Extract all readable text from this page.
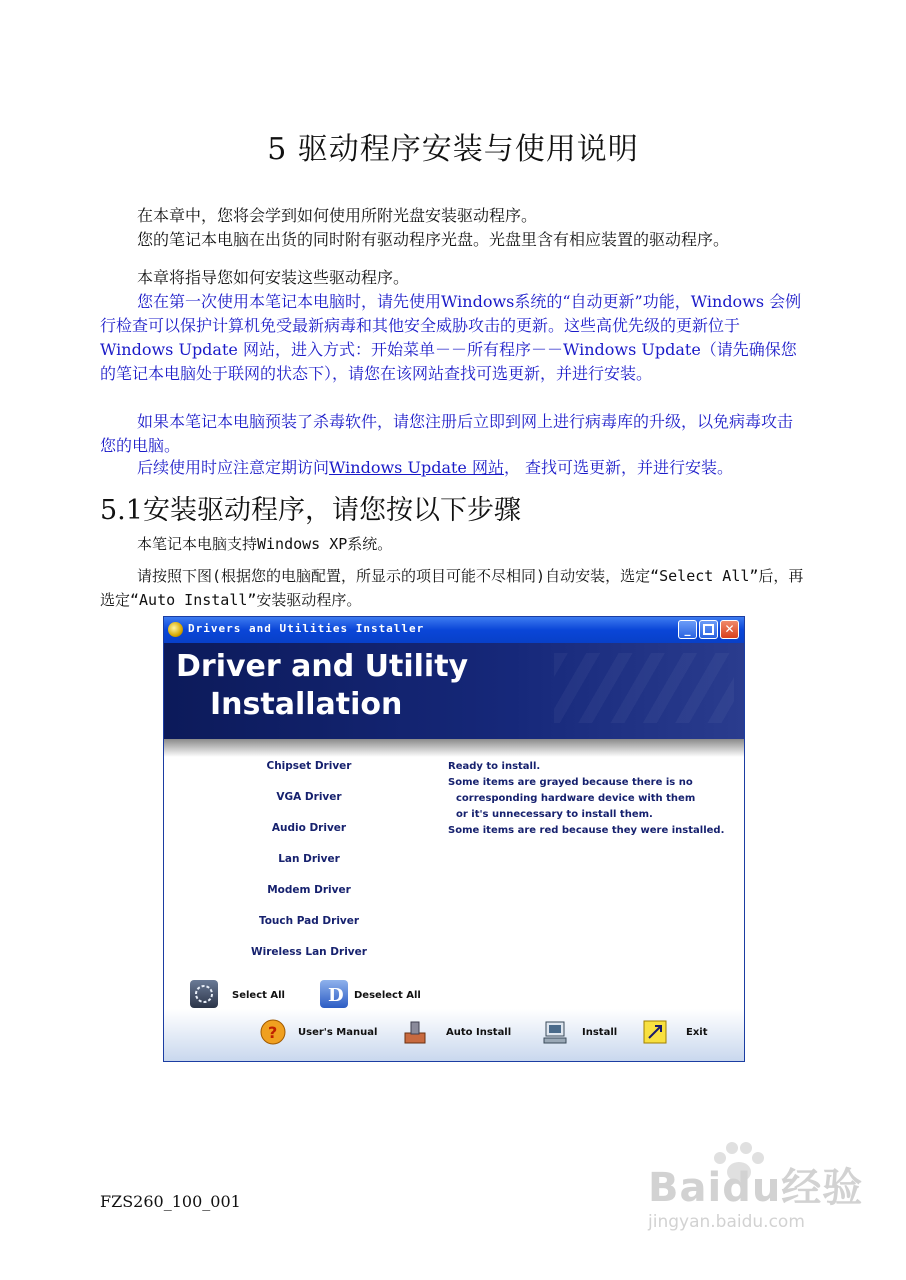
5 驱动程序安装与使用说明

在本章中，您将会学到如何使用所附光盘安装驱动程序。

您的笔记本电脑在出货的同时附有驱动程序光盘。光盘里含有相应装置的驱动程序。

本章将指导您如何安装这些驱动程序。

您在第一次使用本笔记本电脑时，请先使用Windows系统的“自动更新”功能，Windows 会例行检查可以保护计算机免受最新病毒和其他安全威胁攻击的更新。这些高优先级的更新位于 Windows Update 网站，进入方式：开始菜单－－所有程序－－Windows Update（请先确保您的笔记本电脑处于联网的状态下），请您在该网站查找可选更新，并进行安装。

如果本笔记本电脑预装了杀毒软件，请您注册后立即到网上进行病毒库的升级，以免病毒攻击您的电脑。

后续使用时应注意定期访问Windows Update 网站， 查找可选更新，并进行安装。

5.1安装驱动程序，请您按以下步骤

本笔记本电脑支持Windows XP系统。

请按照下图(根据您的电脑配置，所显示的项目可能不尽相同)自动安装，选定“Select All”后，再选定“Auto Install”安装驱动程序。

Drivers and Utilities Installer	_	✕
Driver and Utility
Installation
Chipset Driver
VGA Driver
Audio Driver
Lan Driver
Modem Driver
Touch Pad Driver
Wireless Lan Driver
Ready to install.
Some items are grayed because there is no
corresponding hardware device with them
or it's unnecessary to install them.
Some items are red because they were installed.
Select All D Deselect All
? User's Manual	Auto Install	Install	Exit
FZS260_100_001	Baidu经验
jingyan.baidu.com
